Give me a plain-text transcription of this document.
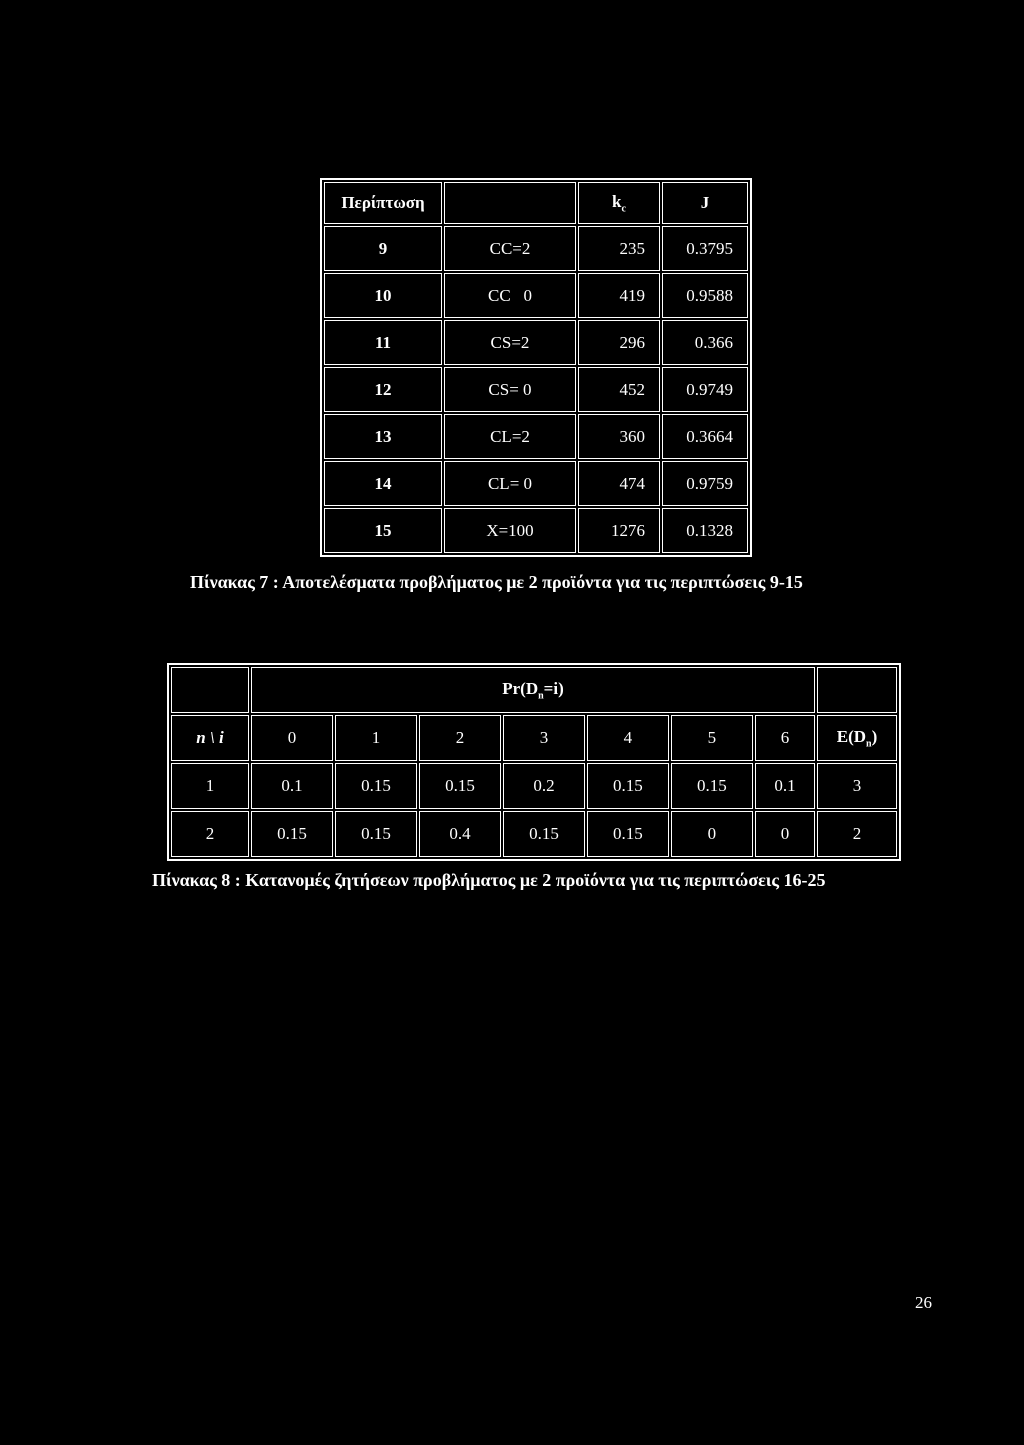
Περίπτωση		$k_c$	J
9	CC=2	235	0.3795
10	CC   0	419	0.9588
11	CS=2	296	0.366
12	CS= 0	452	0.9749
13	CL=2	360	0.3664
14	CL= 0	474	0.9759
15	X=100	1276	0.1328
Πίνακας 7 : Αποτελέσματα προβλήματος με 2 προϊόντα για τις περιπτώσεις 9-15
	$Pr(D_n=i)$							
n \ i	0	1	2	3	4	5	6	$E(D_n)$
1	0.1	0.15	0.15	0.2	0.15	0.15	0.1	3
2	0.15	0.15	0.4	0.15	0.15	0	0	2
Πίνακας 8 : Κατανομές ζητήσεων προβλήματος με 2 προϊόντα για τις περιπτώσεις 16-25
26
